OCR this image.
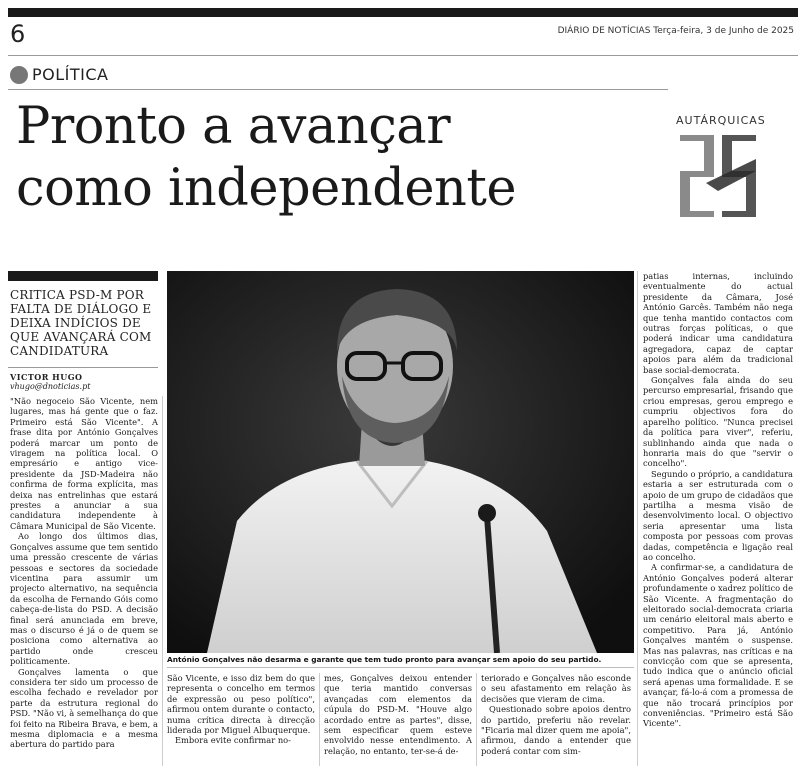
6	DIÁRIO DE NOTÍCIAS Terça-feira, 3 de Junho de 2025
POLÍTICA
Pronto a avançar
como independente
AUTÁRQUICAS
CRITICA PSD-M POR
FALTA DE DIÁLOGO E
DEIXA INDÍCIOS DE
QUE AVANÇARÁ COM
CANDIDATURA
VICTOR HUGO
vhugo@dnoticias.pt

"Não negoceio São Vicente, nem lugares, mas há gente que o faz. Primeiro está São Vicente". A frase dita por António Gonçalves poderá marcar um ponto de viragem na política local. O empresário e antigo vice-presidente da JSD-Madeira não confirma de forma explícita, mas deixa nas entrelinhas que estará prestes a anunciar a sua candidatura independente à Câmara Municipal de São Vicente.

Ao longo dos últimos dias, Gonçalves assume que tem sentido uma pressão crescente de várias pessoas e sectores da sociedade vicentina para assumir um projecto alternativo, na sequência da escolha de Fernando Góis como cabeça-de-lista do PSD. A decisão final será anunciada em breve, mas o discurso é já o de quem se posiciona como alternativa ao partido onde cresceu politicamente.

Gonçalves lamenta o que considera ter sido um processo de escolha fechado e revelador por parte da estrutura regional do PSD. "Não vi, à semelhança do que foi feito na Ribeira Brava, e bem, a mesma diplomacia e a mesma abertura do partido para

António Gonçalves não desarma e garante que tem tudo pronto para avançar sem apoio do seu partido.

São Vicente, e isso diz bem do que representa o concelho em termos de expressão ou peso político", afirmou ontem durante o contacto, numa crítica directa à direcção liderada por Miguel Albuquerque.

Embora evite confirmar no-

mes, Gonçalves deixou entender que teria mantido conversas avançadas com elementos da cúpula do PSD-M. "Houve algo acordado entre as partes", disse, sem especificar quem esteve envolvido nesse entendimento. A relação, no entanto, ter-se-á de-

teriorado e Gonçalves não esconde o seu afastamento em relação às decisões que vieram de cima.

Questionado sobre apoios dentro do partido, preferiu não revelar. "Ficaria mal dizer quem me apoia", afirmou, dando a entender que poderá contar com sim-

patias internas, incluindo eventualmente do actual presidente da Câmara, José António Garcês. Também não nega que tenha mantido contactos com outras forças políticas, o que poderá indicar uma candidatura agregadora, capaz de captar apoios para além da tradicional base social-democrata.

Gonçalves fala ainda do seu percurso empresarial, frisando que criou empresas, gerou emprego e cumpriu objectivos fora do aparelho político. "Nunca precisei da política para viver", referiu, sublinhando ainda que nada o honraria mais do que "servir o concelho".

Segundo o próprio, a candidatura estaria a ser estruturada com o apoio de um grupo de cidadãos que partilha a mesma visão de desenvolvimento local. O objectivo seria apresentar uma lista composta por pessoas com provas dadas, competência e ligação real ao concelho.

A confirmar-se, a candidatura de António Gonçalves poderá alterar profundamente o xadrez político de São Vicente. A fragmentação do eleitorado social-democrata criaria um cenário eleitoral mais aberto e competitivo. Para já, António Gonçalves mantém o suspense. Mas nas palavras, nas críticas e na convicção com que se apresenta, tudo indica que o anúncio oficial será apenas uma formalidade. E se avançar, fá-lo-á com a promessa de que não trocará princípios por conveniências. "Primeiro está São Vicente".
